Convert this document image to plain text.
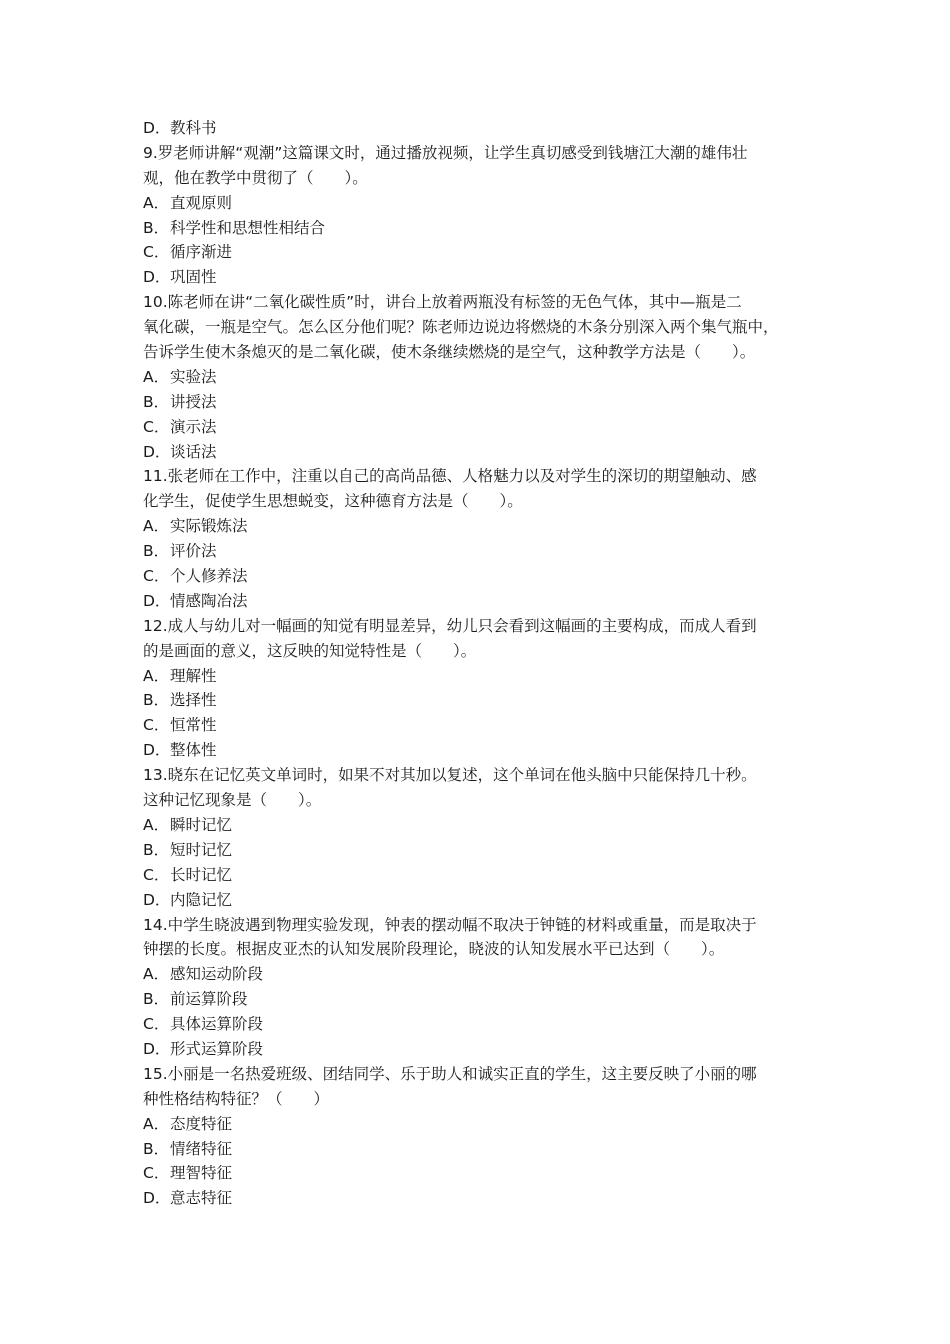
D．教科书
9.罗老师讲解“观潮”这篇课文时，通过播放视频，让学生真切感受到钱塘江大潮的雄伟壮
观，他在教学中贯彻了（　　）。
A．直观原则
B．科学性和思想性相结合
C．循序渐进
D．巩固性
10.陈老师在讲“二氧化碳性质”时，讲台上放着两瓶没有标签的无色气体，其中—瓶是二
氧化碳，一瓶是空气。怎么区分他们呢？陈老师边说边将燃烧的木条分别深入两个集气瓶中，
告诉学生使木条熄灭的是二氧化碳，使木条继续燃烧的是空气，这种教学方法是（　　）。
A．实验法
B．讲授法
C．演示法
D．谈话法
11.张老师在工作中，注重以自己的高尚品德、人格魅力以及对学生的深切的期望触动、感
化学生，促使学生思想蜕变，这种德育方法是（　　）。
A．实际锻炼法
B．评价法
C．个人修养法
D．情感陶冶法
12.成人与幼儿对一幅画的知觉有明显差异，幼儿只会看到这幅画的主要构成，而成人看到
的是画面的意义，这反映的知觉特性是（　　）。
A．理解性
B．选择性
C．恒常性
D．整体性
13.晓东在记忆英文单词时，如果不对其加以复述，这个单词在他头脑中只能保持几十秒。
这种记忆现象是（　　）。
A．瞬时记忆
B．短时记忆
C．长时记忆
D．内隐记忆
14.中学生晓波遇到物理实验发现，钟表的摆动幅不取决于钟链的材料或重量，而是取决于
钟摆的长度。根据皮亚杰的认知发展阶段理论，晓波的认知发展水平已达到（　　）。
A．感知运动阶段
B．前运算阶段
C．具体运算阶段
D．形式运算阶段
15.小丽是一名热爱班级、团结同学、乐于助人和诚实正直的学生，这主要反映了小丽的哪
种性格结构特征？（　　）
A．态度特征
B．情绪特征
C．理智特征
D．意志特征
